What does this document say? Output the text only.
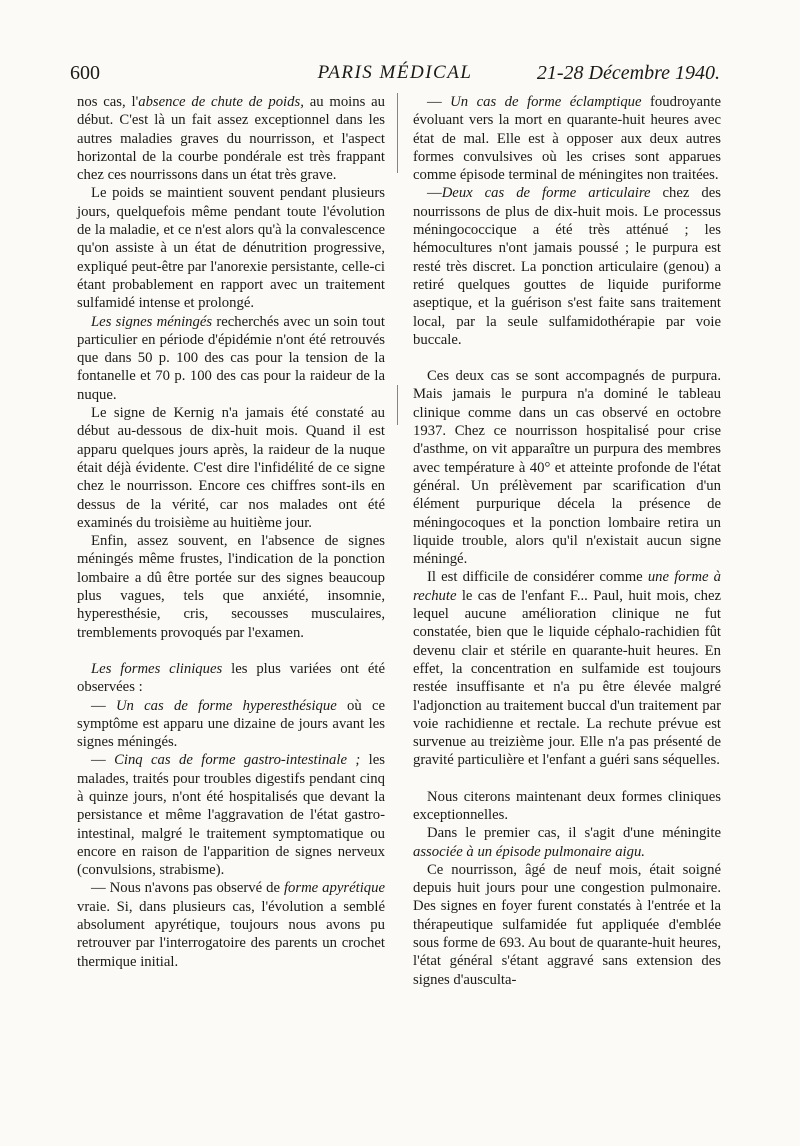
600	PARIS MÉDICAL	21-28 Décembre 1940.

nos cas, l'absence de chute de poids, au moins au début. C'est là un fait assez exceptionnel dans les autres maladies graves du nourrisson, et l'aspect horizontal de la courbe pondérale est très frappant chez ces nourrissons dans un état très grave.

Le poids se maintient souvent pendant plusieurs jours, quelquefois même pendant toute l'évolution de la maladie, et ce n'est alors qu'à la convalescence qu'on assiste à un état de dénutrition progressive, expliqué peut-être par l'anorexie persistante, celle-ci étant probablement en rapport avec un traitement sulfamidé intense et prolongé.

Les signes méningés recherchés avec un soin tout particulier en période d'épidémie n'ont été retrouvés que dans 50 p. 100 des cas pour la tension de la fontanelle et 70 p. 100 des cas pour la raideur de la nuque.

Le signe de Kernig n'a jamais été constaté au début au-dessous de dix-huit mois. Quand il est apparu quelques jours après, la raideur de la nuque était déjà évidente. C'est dire l'infidélité de ce signe chez le nourrisson. Encore ces chiffres sont-ils en dessus de la vérité, car nos malades ont été examinés du troisième au huitième jour.

Enfin, assez souvent, en l'absence de signes méningés même frustes, l'indication de la ponction lombaire a dû être portée sur des signes beaucoup plus vagues, tels que anxiété, insomnie, hyperesthésie, cris, secousses musculaires, tremblements provoqués par l'examen.

Les formes cliniques les plus variées ont été observées :

— Un cas de forme hyperesthésique où ce symptôme est apparu une dizaine de jours avant les signes méningés.

— Cinq cas de forme gastro-intestinale ; les malades, traités pour troubles digestifs pendant cinq à quinze jours, n'ont été hospitalisés que devant la persistance et même l'aggravation de l'état gastro-intestinal, malgré le traitement symptomatique ou encore en raison de l'apparition de signes nerveux (convulsions, strabisme).

— Nous n'avons pas observé de forme apyrétique vraie. Si, dans plusieurs cas, l'évolution a semblé absolument apyrétique, toujours nous avons pu retrouver par l'interrogatoire des parents un crochet thermique initial.

— Un cas de forme éclamptique foudroyante évoluant vers la mort en quarante-huit heures avec état de mal. Elle est à opposer aux deux autres formes convulsives où les crises sont apparues comme épisode terminal de méningites non traitées.

—Deux cas de forme articulaire chez des nourrissons de plus de dix-huit mois. Le processus méningococcique a été très atténué ; les hémocultures n'ont jamais poussé ; le purpura est resté très discret. La ponction articulaire (genou) a retiré quelques gouttes de liquide puriforme aseptique, et la guérison s'est faite sans traitement local, par la seule sulfamidothérapie par voie buccale.

Ces deux cas se sont accompagnés de purpura. Mais jamais le purpura n'a dominé le tableau clinique comme dans un cas observé en octobre 1937. Chez ce nourrisson hospitalisé pour crise d'asthme, on vit apparaître un purpura des membres avec température à 40° et atteinte profonde de l'état général. Un prélèvement par scarification d'un élément purpurique décela la présence de méningocoques et la ponction lombaire retira un liquide trouble, alors qu'il n'existait aucun signe méningé.

Il est difficile de considérer comme une forme à rechute le cas de l'enfant F... Paul, huit mois, chez lequel aucune amélioration clinique ne fut constatée, bien que le liquide céphalo-rachidien fût devenu clair et stérile en quarante-huit heures. En effet, la concentration en sulfamide est toujours restée insuffisante et n'a pu être élevée malgré l'adjonction au traitement buccal d'un traitement par voie rachidienne et rectale. La rechute prévue est survenue au treizième jour. Elle n'a pas présenté de gravité particulière et l'enfant a guéri sans séquelles.

Nous citerons maintenant deux formes cliniques exceptionnelles.

Dans le premier cas, il s'agit d'une méningite associée à un épisode pulmonaire aigu.

Ce nourrisson, âgé de neuf mois, était soigné depuis huit jours pour une congestion pulmonaire. Des signes en foyer furent constatés à l'entrée et la thérapeutique sulfamidée fut appliquée d'emblée sous forme de 693. Au bout de quarante-huit heures, l'état général s'étant aggravé sans extension des signes d'ausculta-
